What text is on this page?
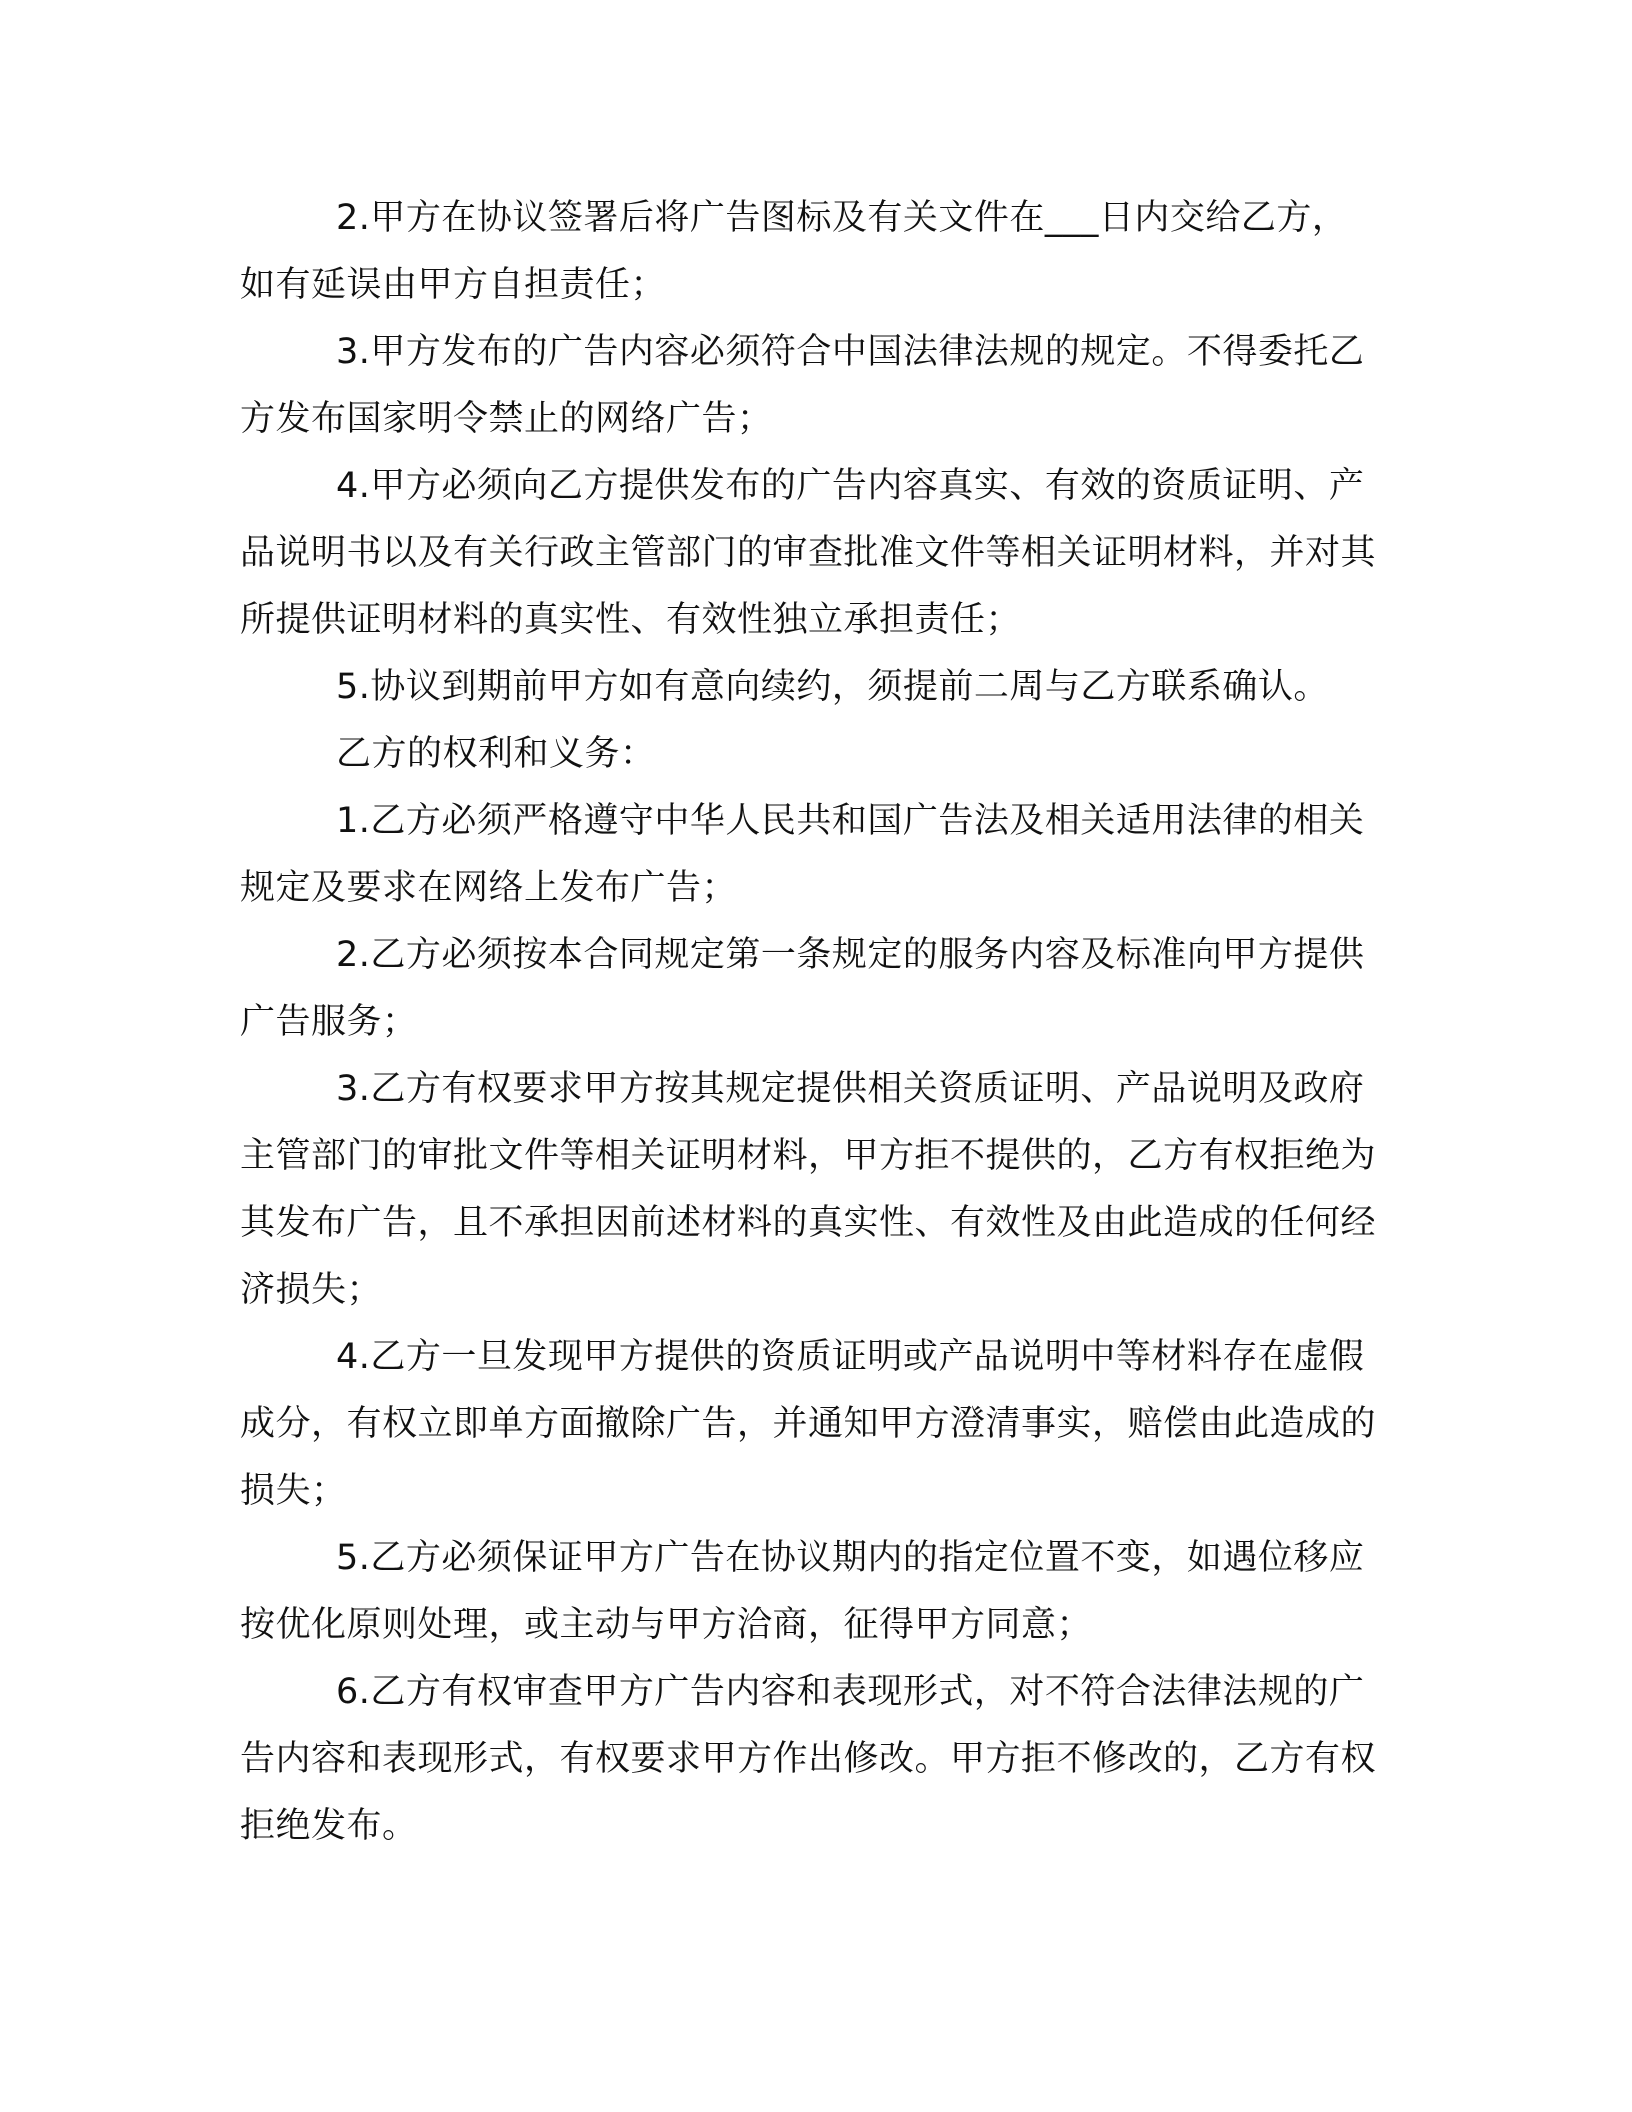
2.甲方在协议签署后将广告图标及有关文件在___日内交给乙方，如有延误由甲方自担责任；

3.甲方发布的广告内容必须符合中国法律法规的规定。不得委托乙方发布国家明令禁止的网络广告；

4.甲方必须向乙方提供发布的广告内容真实、有效的资质证明、产品说明书以及有关行政主管部门的审查批准文件等相关证明材料，并对其所提供证明材料的真实性、有效性独立承担责任；

5.协议到期前甲方如有意向续约，须提前二周与乙方联系确认。

乙方的权利和义务：

1.乙方必须严格遵守中华人民共和国广告法及相关适用法律的相关规定及要求在网络上发布广告；

2.乙方必须按本合同规定第一条规定的服务内容及标准向甲方提供广告服务；

3.乙方有权要求甲方按其规定提供相关资质证明、产品说明及政府主管部门的审批文件等相关证明材料，甲方拒不提供的，乙方有权拒绝为其发布广告，且不承担因前述材料的真实性、有效性及由此造成的任何经济损失；

4.乙方一旦发现甲方提供的资质证明或产品说明中等材料存在虚假成分，有权立即单方面撤除广告，并通知甲方澄清事实，赔偿由此造成的损失；

5.乙方必须保证甲方广告在协议期内的指定位置不变，如遇位移应按优化原则处理，或主动与甲方洽商，征得甲方同意；

6.乙方有权审查甲方广告内容和表现形式，对不符合法律法规的广告内容和表现形式，有权要求甲方作出修改。甲方拒不修改的，乙方有权拒绝发布。
